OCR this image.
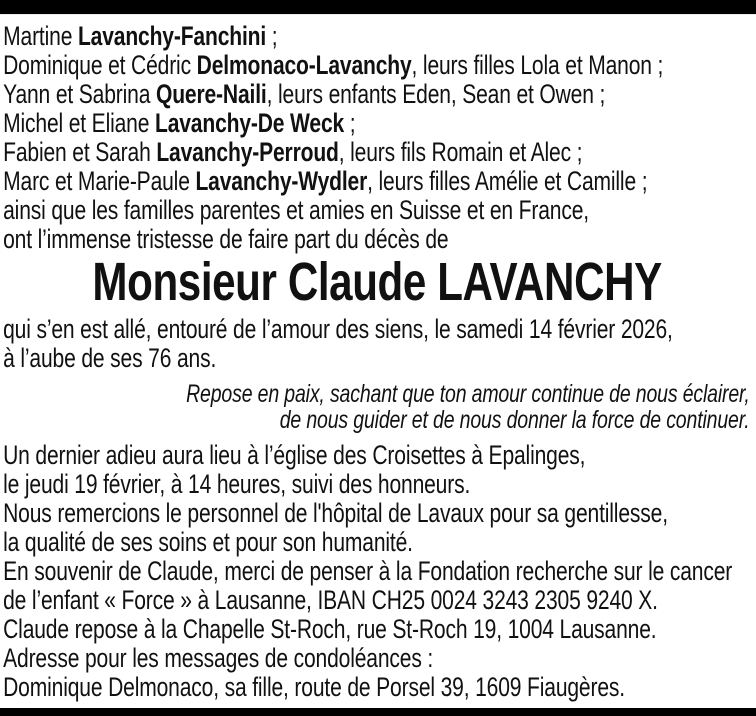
Martine Lavanchy-Fanchini ;
Dominique et Cédric Delmonaco-Lavanchy, leurs filles Lola et Manon ;
Yann et Sabrina Quere-Naili, leurs enfants Eden, Sean et Owen ;
Michel et Eliane Lavanchy-De Weck ;
Fabien et Sarah Lavanchy-Perroud, leurs fils Romain et Alec ;
Marc et Marie-Paule Lavanchy-Wydler, leurs filles Amélie et Camille ;
ainsi que les familles parentes et amies en Suisse et en France,
ont l’immense tristesse de faire part du décès de
Monsieur Claude LAVANCHY
qui s’en est allé, entouré de l’amour des siens, le samedi 14 février 2026,
à l’aube de ses 76 ans.
Repose en paix, sachant que ton amour continue de nous éclairer,
de nous guider et de nous donner la force de continuer.
Un dernier adieu aura lieu à l’église des Croisettes à Epalinges,
le jeudi 19 février, à 14 heures, suivi des honneurs.
Nous remercions le personnel de l'hôpital de Lavaux pour sa gentillesse,
la qualité de ses soins et pour son humanité.
En souvenir de Claude, merci de penser à la Fondation recherche sur le cancer
de l’enfant « Force » à Lausanne, IBAN CH25 0024 3243 2305 9240 X.
Claude repose à la Chapelle St-Roch, rue St-Roch 19, 1004 Lausanne.
Adresse pour les messages de condoléances :
Dominique Delmonaco, sa fille, route de Porsel 39, 1609 Fiaugères.
